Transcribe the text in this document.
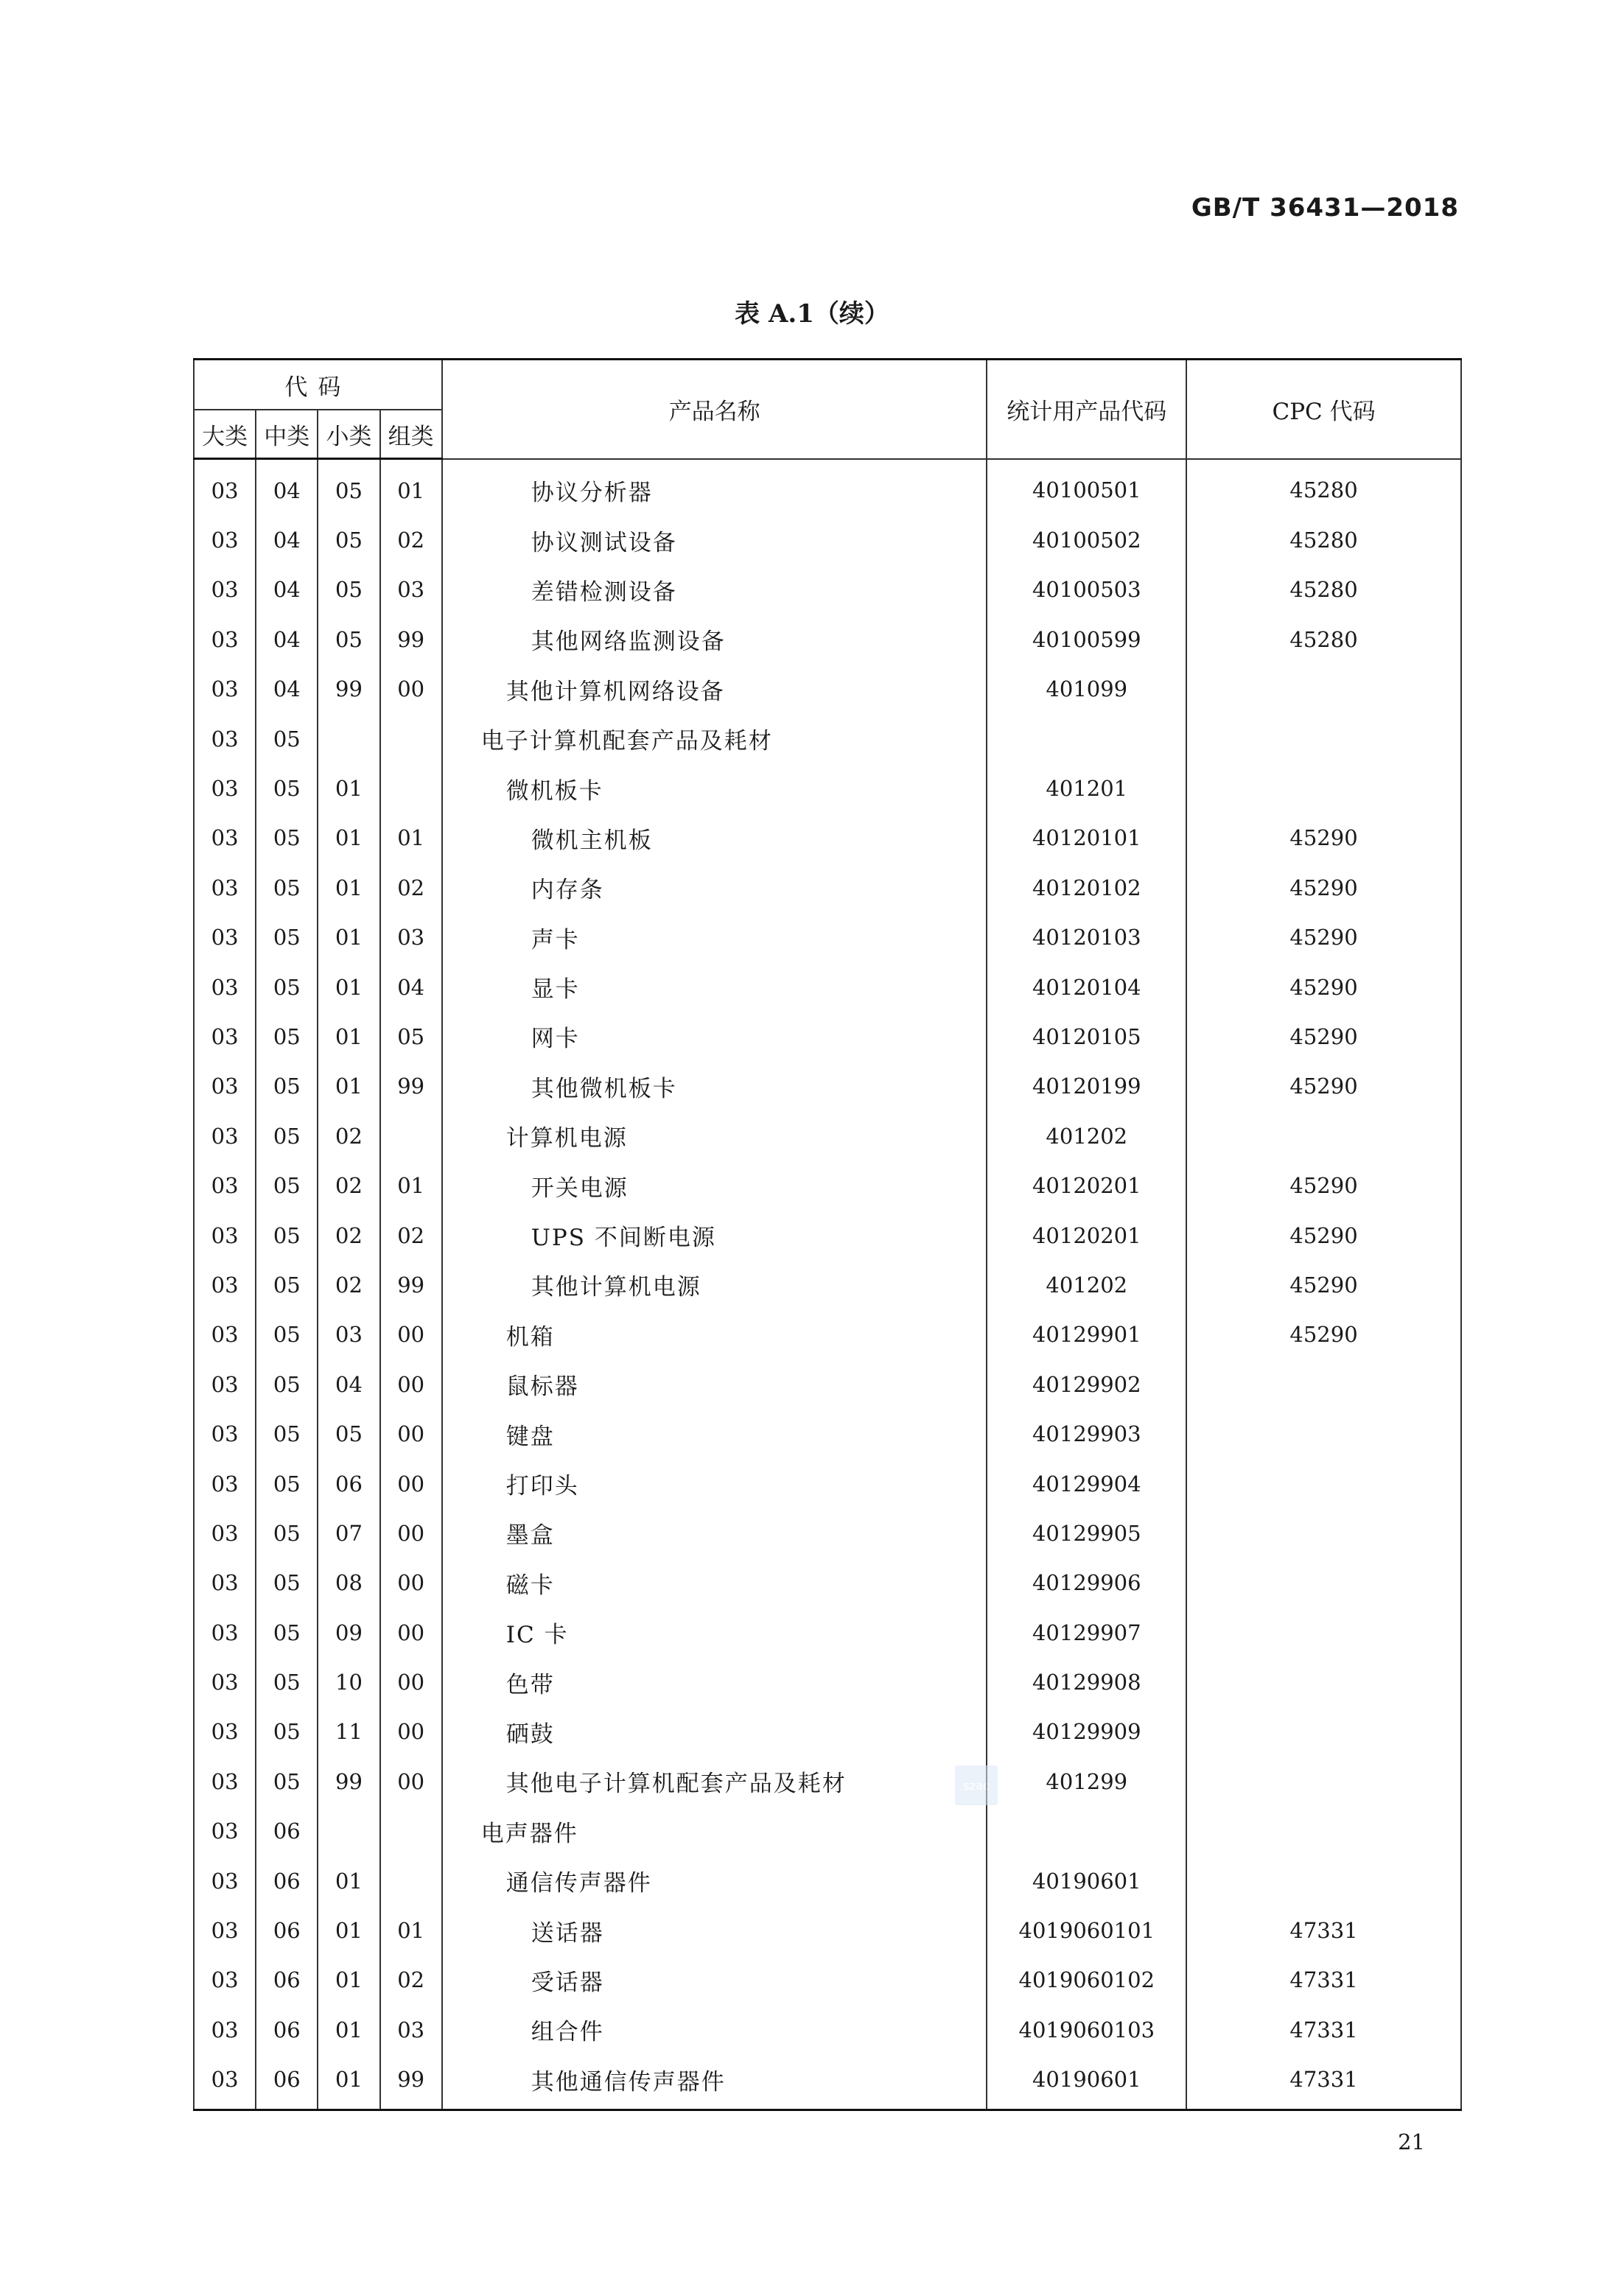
GB/T 36431—2018
表 A.1（续）
代码				产品名称	统计用产品代码	CPC 代码
大类	中类	小类	组类			
03	04	05	01	协议分析器	40100501	45280
03	04	05	02	协议测试设备	40100502	45280
03	04	05	03	差错检测设备	40100503	45280
03	04	05	99	其他网络监测设备	40100599	45280
03	04	99	00	其他计算机网络设备	401099	
03	05			电子计算机配套产品及耗材		
03	05	01		微机板卡	401201	
03	05	01	01	微机主机板	40120101	45290
03	05	01	02	内存条	40120102	45290
03	05	01	03	声卡	40120103	45290
03	05	01	04	显卡	40120104	45290
03	05	01	05	网卡	40120105	45290
03	05	01	99	其他微机板卡	40120199	45290
03	05	02		计算机电源	401202	
03	05	02	01	开关电源	40120201	45290
03	05	02	02	UPS 不间断电源	40120201	45290
03	05	02	99	其他计算机电源	401202	45290
03	05	03	00	机箱	40129901	45290
03	05	04	00	鼠标器	40129902	
03	05	05	00	键盘	40129903	
03	05	06	00	打印头	40129904	
03	05	07	00	墨盒	40129905	
03	05	08	00	磁卡	40129906	
03	05	09	00	IC 卡	40129907	
03	05	10	00	色带	40129908	
03	05	11	00	硒鼓	40129909	
03	05	99	00	其他电子计算机配套产品及耗材	401299	
03	06			电声器件		
03	06	01		通信传声器件	40190601	
03	06	01	01	送话器	4019060101	47331
03	06	01	02	受话器	4019060102	47331
03	06	01	03	组合件	4019060103	47331
03	06	01	99	其他通信传声器件	40190601	47331
szac
21
